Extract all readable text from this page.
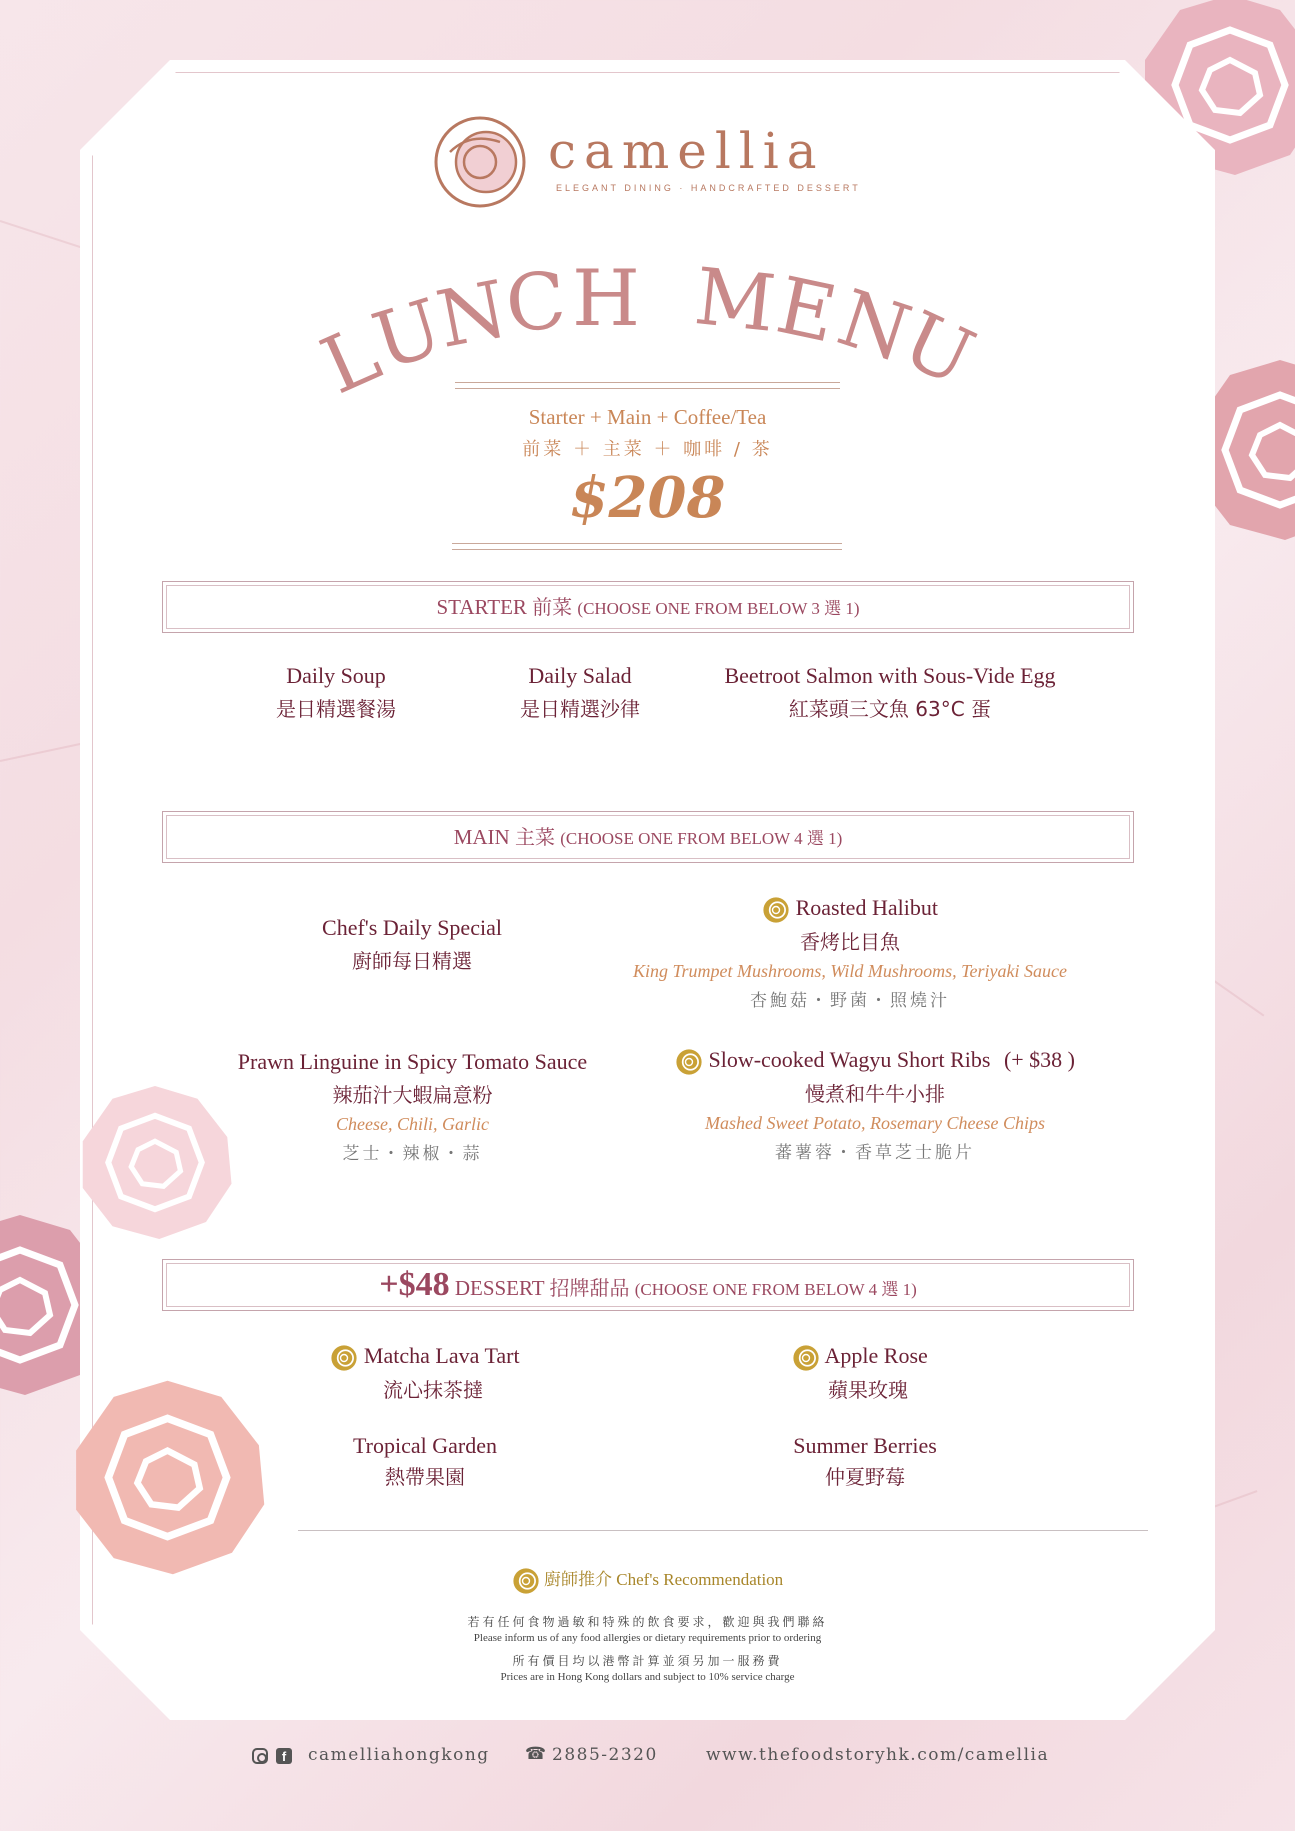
camellia
ELEGANT DINING · HANDCRAFTED DESSERT
L
U
N
C H M
E
N
U
Starter + Main + Coffee/Tea
前菜 ＋ 主菜 ＋ 咖啡 / 茶
$208
STARTER 前菜 (CHOOSE ONE FROM BELOW 3 選 1)
Daily Soup
是日精選餐湯
Daily Salad
是日精選沙律
Beetroot Salmon with Sous-Vide Egg
紅菜頭三文魚 63°C 蛋
MAIN 主菜 (CHOOSE ONE FROM BELOW 4 選 1)
Chef's Daily Special
廚師每日精選
Roasted Halibut
香烤比目魚
King Trumpet Mushrooms, Wild Mushrooms, Teriyaki Sauce
杏鮑菇・野菌・照燒汁
Prawn Linguine in Spicy Tomato Sauce
辣茄汁大蝦扁意粉
Cheese, Chili, Garlic
芝士・辣椒・蒜
Slow-cooked Wagyu Short Ribs (+ $38 )
慢煮和牛牛小排
Mashed Sweet Potato, Rosemary Cheese Chips
蕃薯蓉・香草芝士脆片
+$48 DESSERT 招牌甜品 (CHOOSE ONE FROM BELOW 4 選 1)
Matcha Lava Tart
流心抹茶撻
Apple Rose
蘋果玫瑰
Tropical Garden
熱帶果園
Summer Berries
仲夏野莓
廚師推介 Chef's Recommendation
若有任何食物過敏和特殊的飲食要求，歡迎與我們聯絡
Please inform us of any food allergies or dietary requirements prior to ordering
所有價目均以港幣計算並須另加一服務費
Prices are in Hong Kong dollars and subject to 10% service charge
f	camelliahongkong ☎ 2885-2320	www.thefoodstoryhk.com/camellia
